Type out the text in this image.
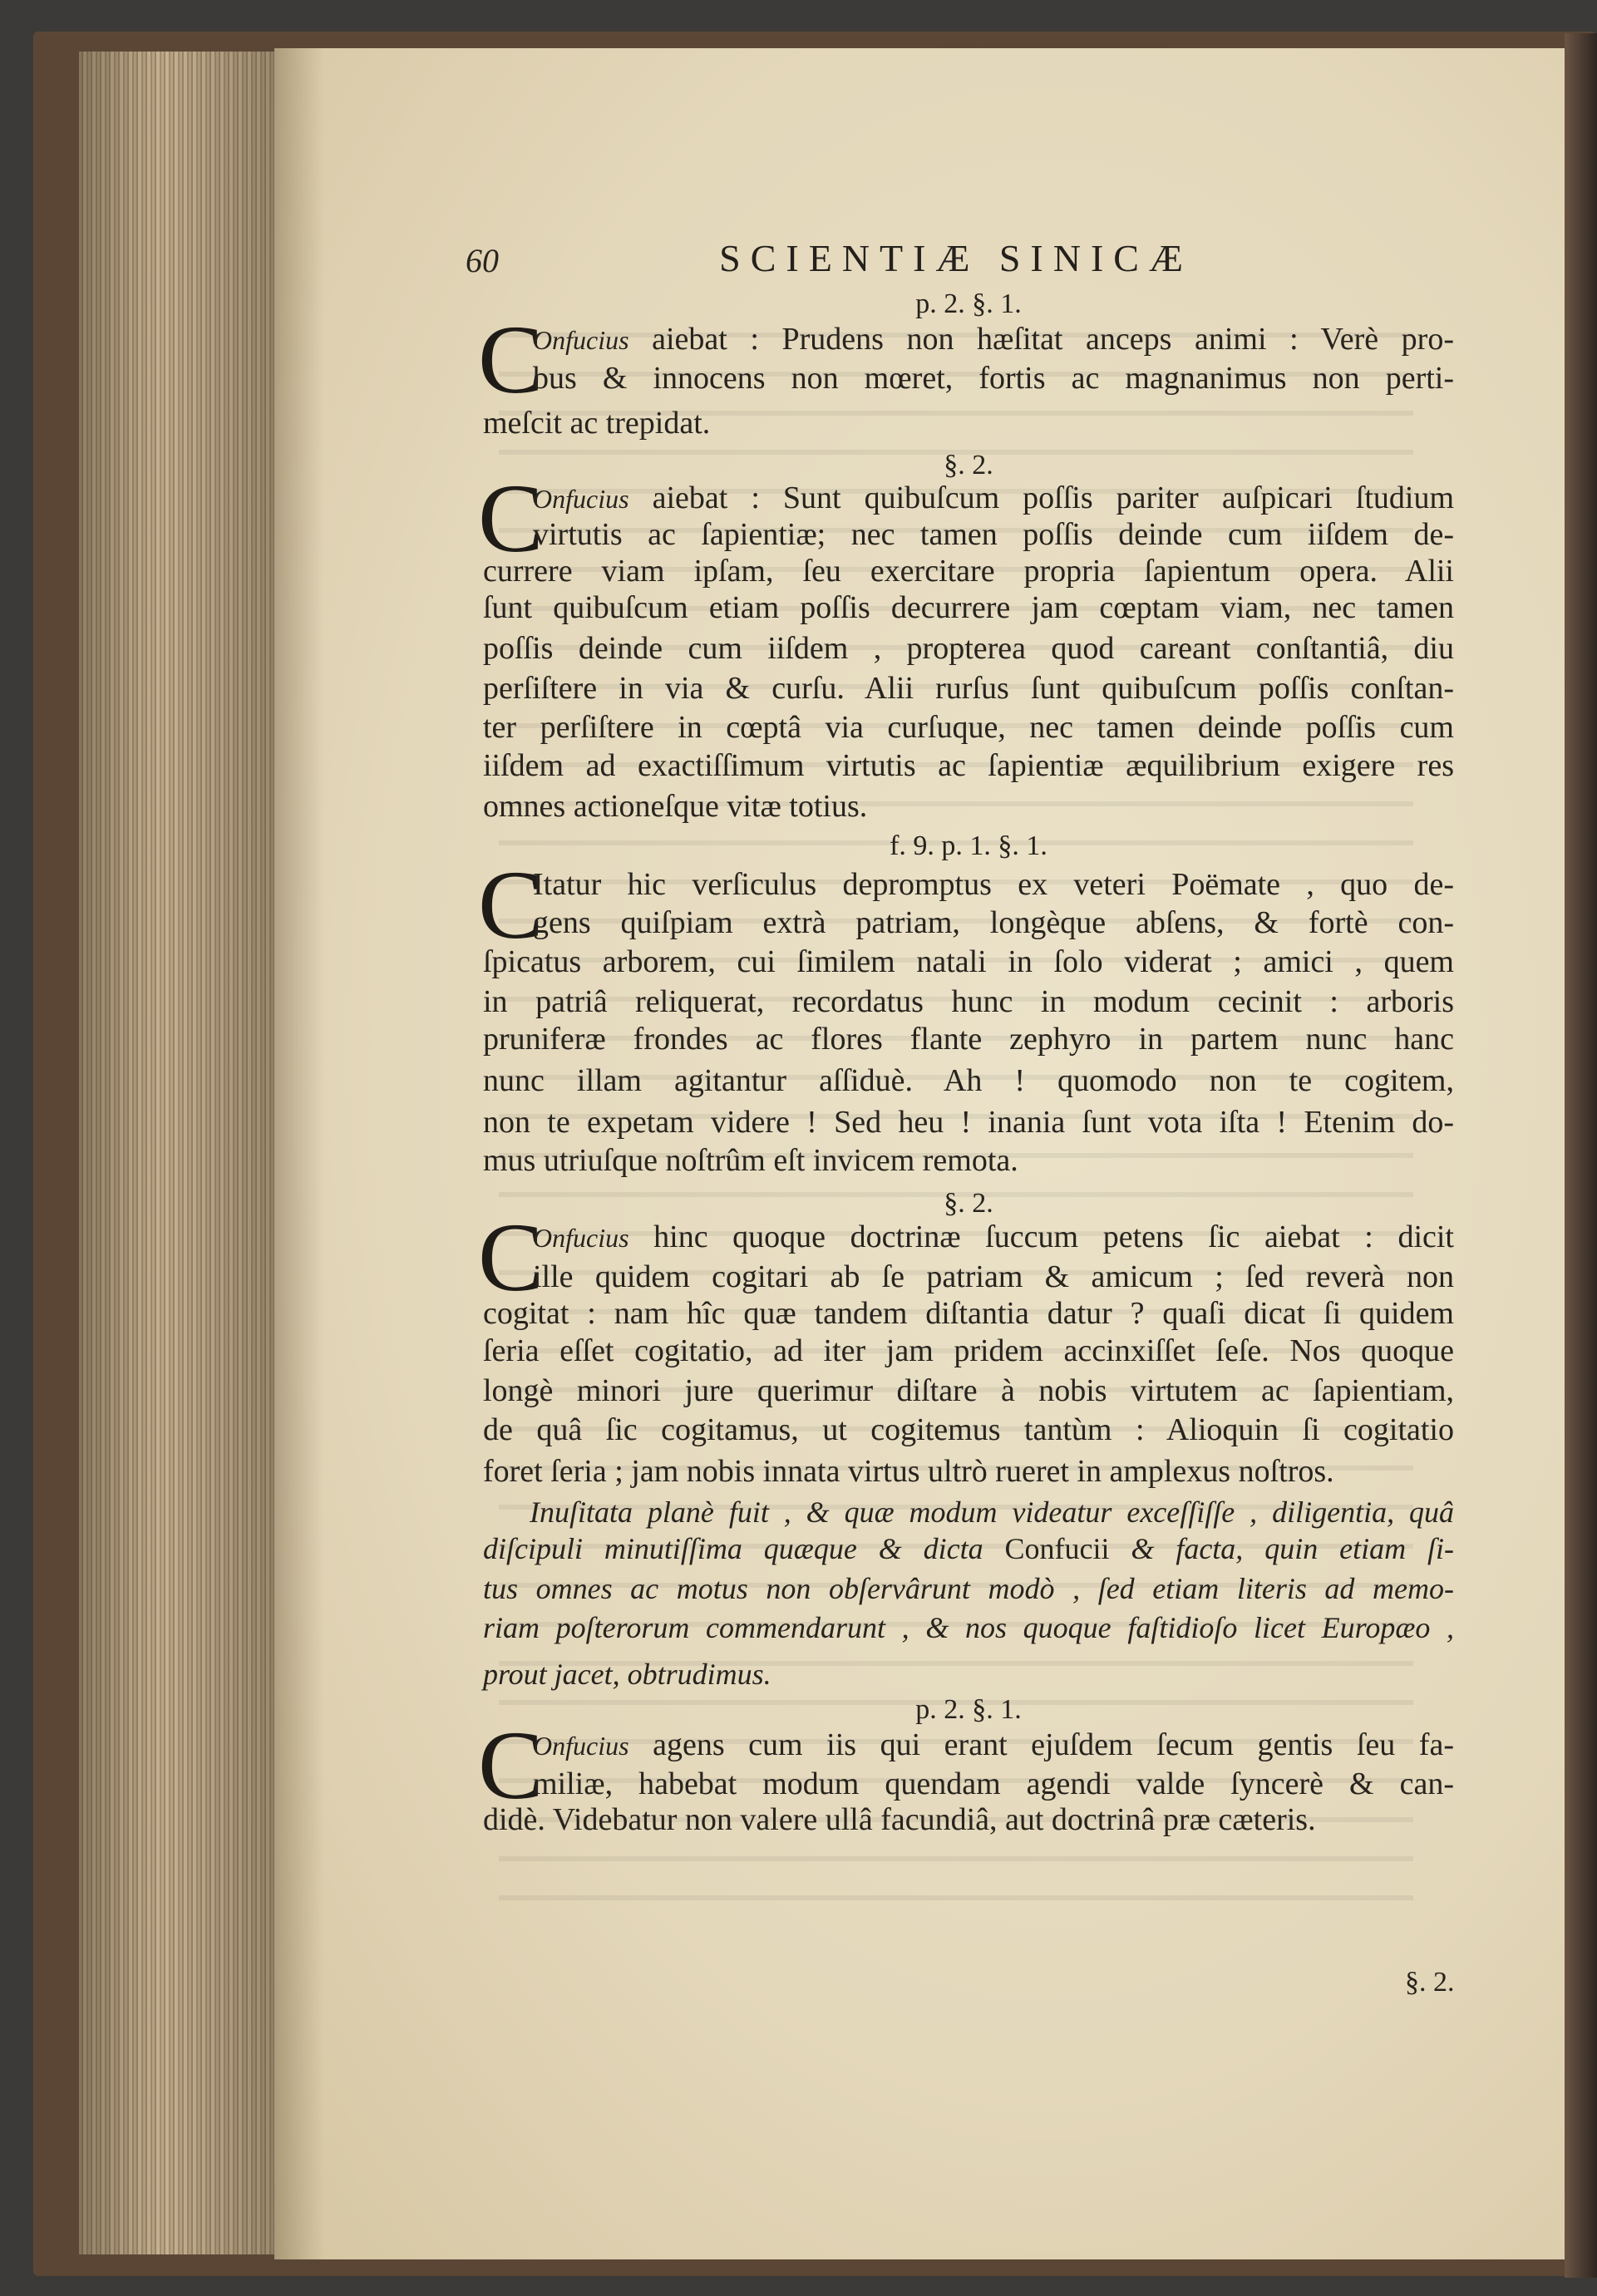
60	SCIENTIÆ SINICÆ
p. 2. §. 1.
C
Onfucius aiebat : Prudens non hæſitat anceps animi : Verè pro-
bus & innocens non mœret, fortis ac magnanimus non perti-
meſcit ac trepidat.
§. 2.
C
Onfucius aiebat : Sunt quibuſcum poſſis pariter auſpicari ſtudium
virtutis ac ſapientiæ; nec tamen poſſis deinde cum iiſdem de-
currere viam ipſam, ſeu exercitare propria ſapientum opera. Alii
ſunt quibuſcum etiam poſſis decurrere jam cœptam viam, nec tamen
poſſis deinde cum iiſdem , propterea quod careant conſtantiâ, diu
perſiſtere in via & curſu. Alii rurſus ſunt quibuſcum poſſis conſtan-
ter perſiſtere in cœptâ via curſuque, nec tamen deinde poſſis cum
iiſdem ad exactiſſimum virtutis ac ſapientiæ æquilibrium exigere res
omnes actioneſque vitæ totius.
f. 9. p. 1. §. 1.
C
Itatur hic verſiculus depromptus ex veteri Poëmate , quo de-
gens quiſpiam extrà patriam, longèque abſens, & fortè con-
ſpicatus arborem, cui ſimilem natali in ſolo viderat ; amici , quem
in patriâ reliquerat, recordatus hunc in modum cecinit : arboris
pruniferæ frondes ac flores flante zephyro in partem nunc hanc
nunc illam agitantur aſſiduè. Ah ! quomodo non te cogitem,
non te expetam videre ! Sed heu ! inania ſunt vota iſta ! Etenim do-
mus utriuſque noſtrûm eſt invicem remota.
§. 2.
C
Onfucius hinc quoque doctrinæ ſuccum petens ſic aiebat : dicit
ille quidem cogitari ab ſe patriam & amicum ; ſed reverà non
cogitat : nam hîc quæ tandem diſtantia datur ? quaſi dicat ſi quidem
ſeria eſſet cogitatio, ad iter jam pridem accinxiſſet ſeſe. Nos quoque
longè minori jure querimur diſtare à nobis virtutem ac ſapientiam,
de quâ ſic cogitamus, ut cogitemus tantùm : Alioquin ſi cogitatio
foret ſeria ; jam nobis innata virtus ultrò rueret in amplexus noſtros.
Inuſitata planè fuit , & quæ modum videatur exceſſiſſe , diligentia, quâ
diſcipuli minutiſſima quæque & dicta Confucii & facta, quin etiam ſi-
tus omnes ac motus non obſervârunt modò , ſed etiam literis ad memo-
riam poſterorum commendarunt , & nos quoque faſtidioſo licet Europæo ,
prout jacet, obtrudimus.
p. 2. §. 1.
C
Onfucius agens cum iis qui erant ejuſdem ſecum gentis ſeu fa-
miliæ, habebat modum quendam agendi valde ſyncerè & can-
didè. Videbatur non valere ullâ facundiâ, aut doctrinâ præ cæteris.
§. 2.
